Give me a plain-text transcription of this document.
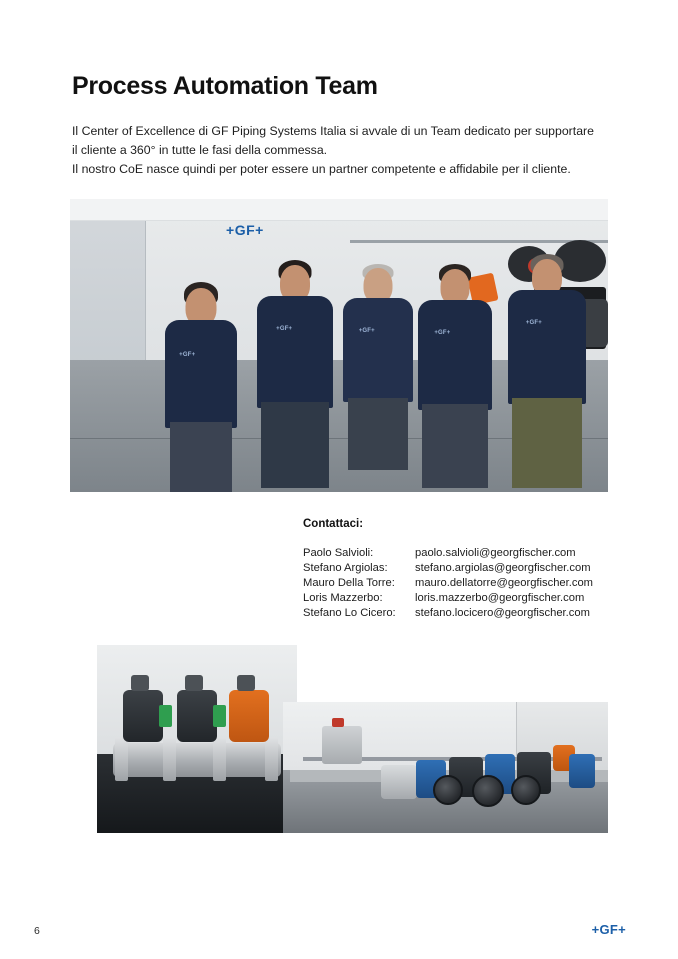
Process Automation Team

Il Center of Excellence di GF Piping Systems Italia si avvale di un Team dedicato per supportare il cliente a 360° in tutte le fasi della commessa.

Il nostro CoE nasce quindi per poter essere un partner competente e affidabile per il cliente.

+GF+
+GF+
+GF+	+GF+	+GF+
+GF+
Contattaci:
Paolo Salvioli:	paolo.salvioli@georgfischer.com
Stefano Argiolas:	stefano.argiolas@georgfischer.com
Mauro Della Torre:	mauro.dellatorre@georgfischer.com
Loris Mazzerbo:	loris.mazzerbo@georgfischer.com
Stefano Lo Cicero:	stefano.locicero@georgfischer.com
6	+GF+
